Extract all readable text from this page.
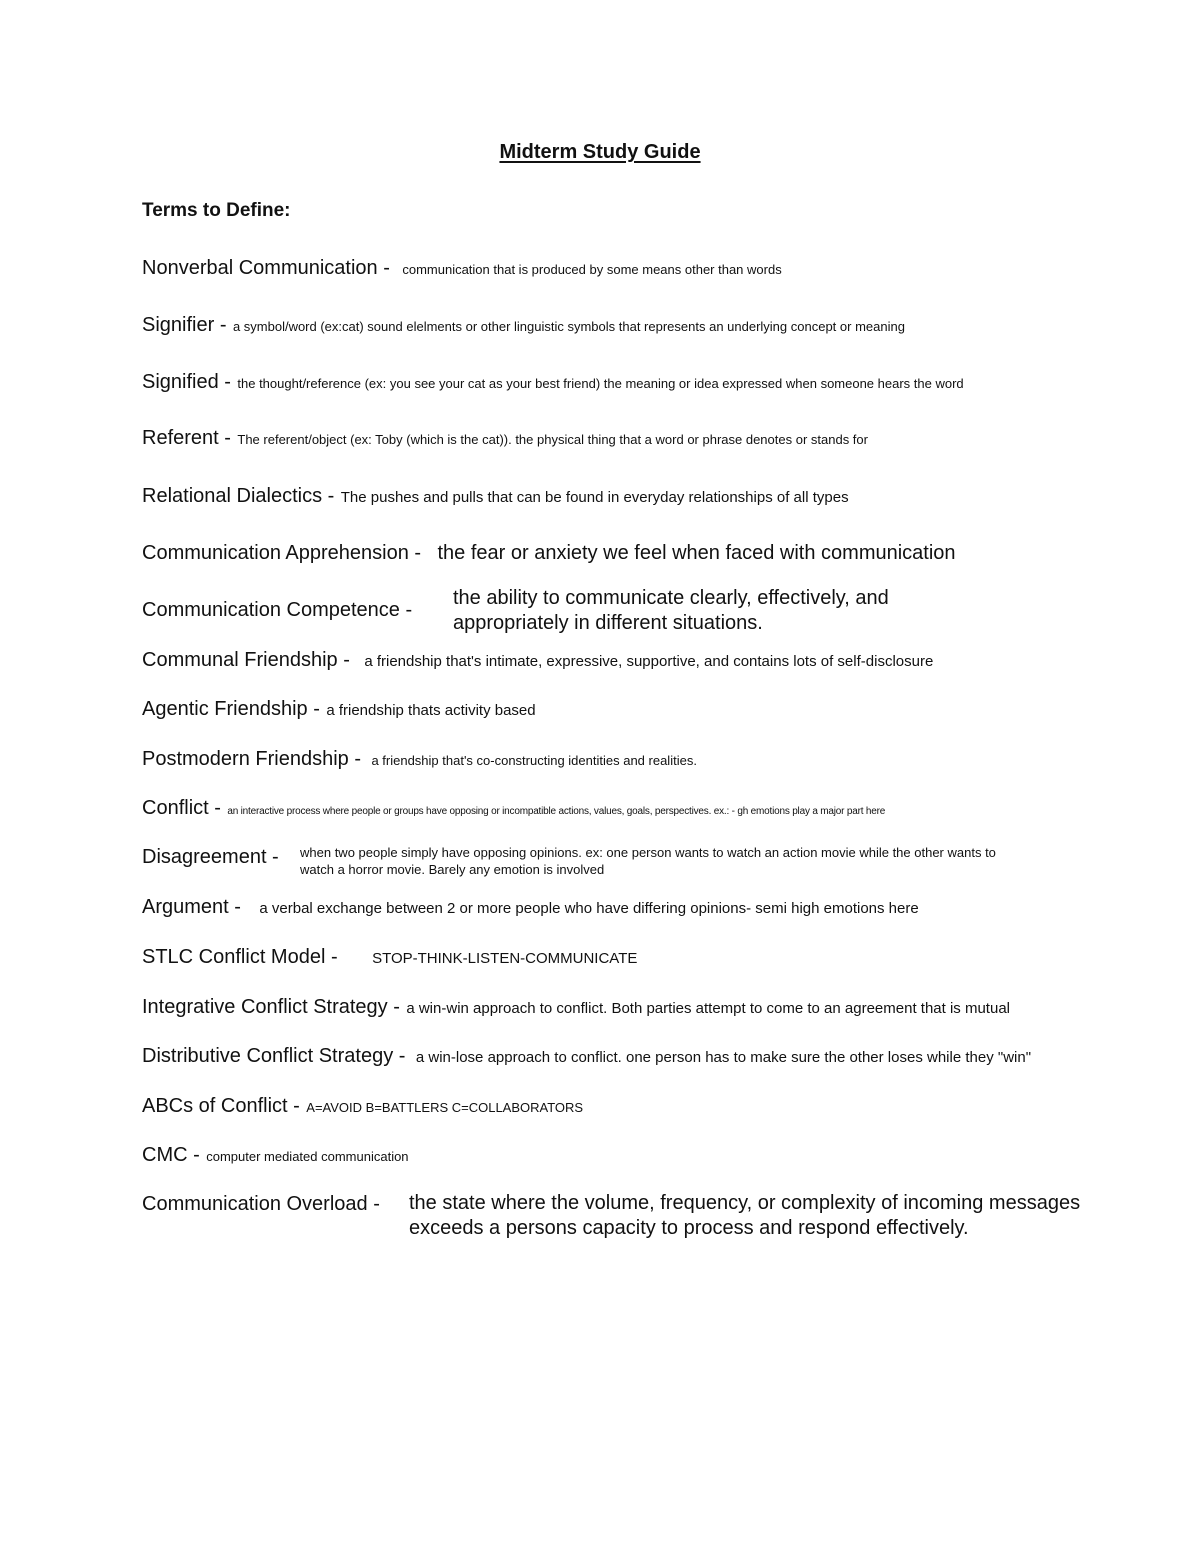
Midterm Study Guide
Terms to Define:
Nonverbal Communication - communication that is produced by some means other than words
Signifier - a symbol/word (ex:cat) sound elelments or other linguistic symbols that represents an underlying concept or meaning
Signified - the thought/reference (ex: you see your cat as your best friend) the meaning or idea expressed when someone hears the word
Referent - The referent/object (ex: Toby (which is the cat)). the physical thing that a word or phrase denotes or stands for
Relational Dialectics - The pushes and pulls that can be found in everyday relationships of all types
Communication Apprehension - the fear or anxiety we feel when faced with communication
Communication Competence -
the ability to communicate clearly, effectively, and
appropriately in different situations.
Communal Friendship - a friendship that's intimate, expressive, supportive, and contains lots of self-disclosure
Agentic Friendship - a friendship thats activity based
Postmodern Friendship - a friendship that's co-constructing identities and realities.
Conflict - an interactive process where people or groups have opposing or incompatible actions, values, goals, perspectives. ex.: - gh emotions play a major part here
Disagreement - when two people simply have opposing opinions. ex: one person wants to watch an action movie while the other wants to
watch a horror movie. Barely any emotion is involved
Argument - a verbal exchange between 2 or more people who have differing opinions- semi high emotions here
STLC Conflict Model - STOP-THINK-LISTEN-COMMUNICATE
Integrative Conflict Strategy - a win-win approach to conflict. Both parties attempt to come to an agreement that is mutual
Distributive Conflict Strategy - a win-lose approach to conflict. one person has to make sure the other loses while they "win"
ABCs of Conflict - A=AVOID B=BATTLERS C=COLLABORATORS
CMC - computer mediated communication
Communication Overload - the state where the volume, frequency, or complexity of incoming messages
exceeds a persons capacity to process and respond effectively.
